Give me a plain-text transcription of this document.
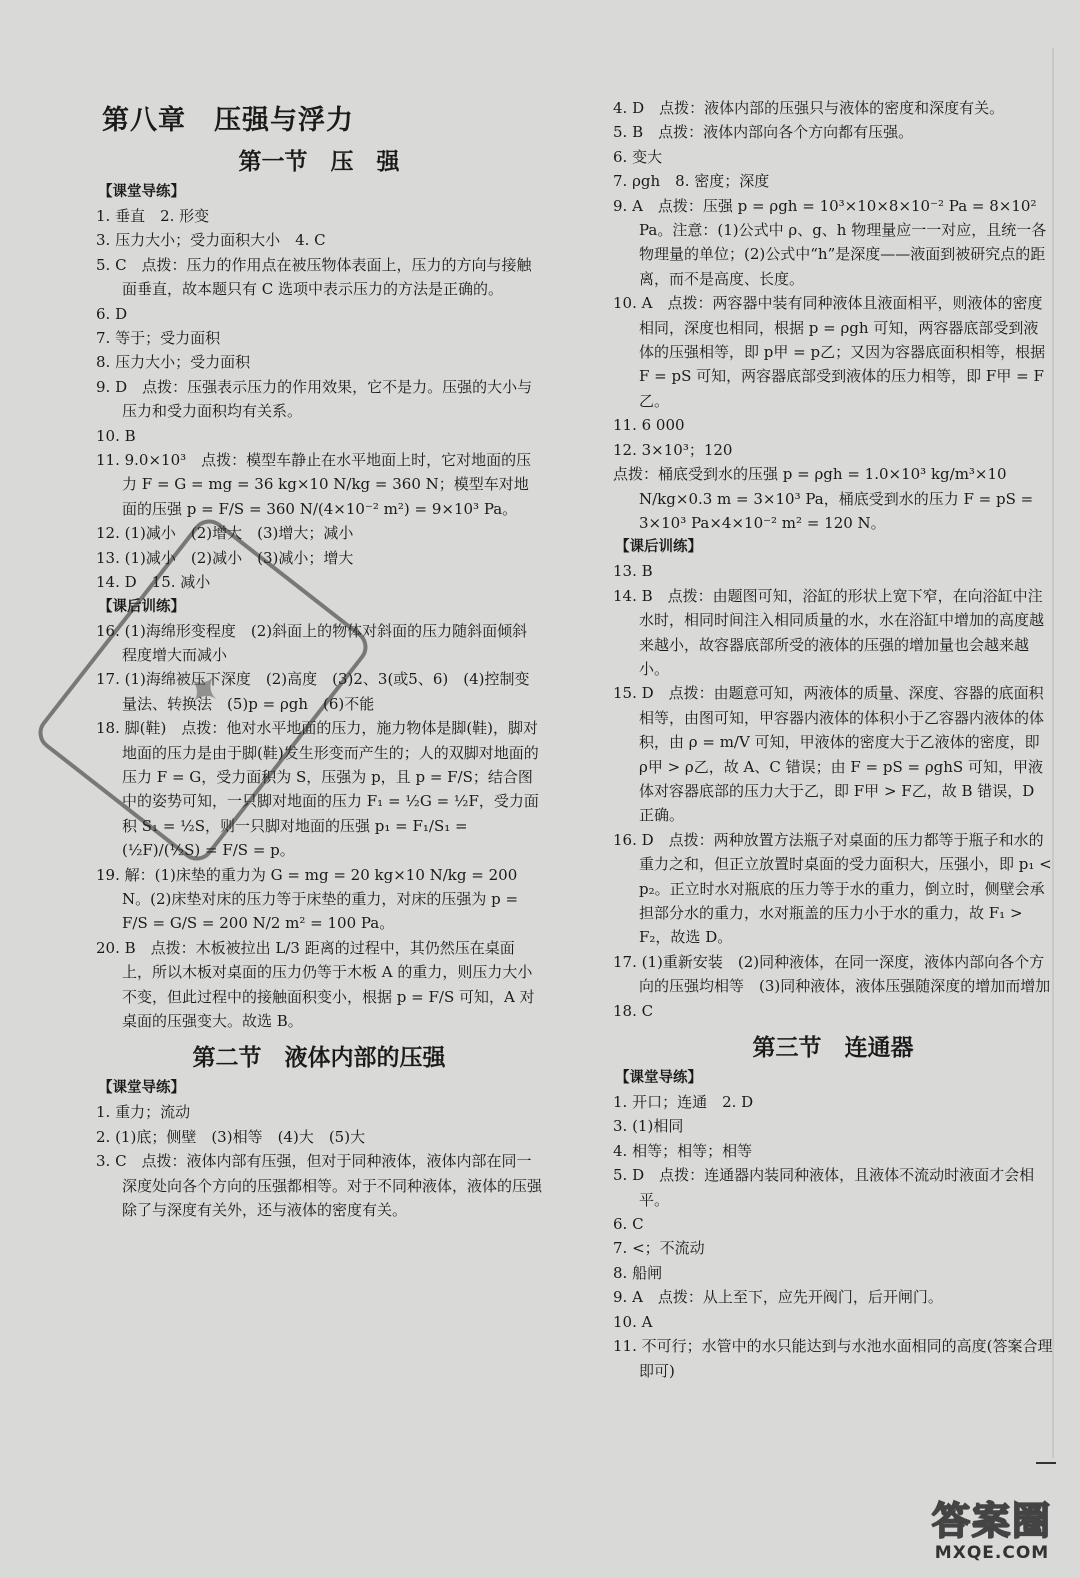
第八章　压强与浮力
第一节　压　强
【课堂导练】
1. 垂直　2. 形变
3. 压力大小；受力面积大小　4. C
5. C　点拨：压力的作用点在被压物体表面上，压力的方向与接触面垂直，故本题只有 C 选项中表示压力的方法是正确的。
6. D
7. 等于；受力面积
8. 压力大小；受力面积
9. D　点拨：压强表示压力的作用效果，它不是力。压强的大小与压力和受力面积均有关系。
10. B
11. 9.0×10³　点拨：模型车静止在水平地面上时，它对地面的压力 F = G = mg = 36 kg×10 N/kg = 360 N；模型车对地面的压强 p = F/S = 360 N/(4×10⁻² m²) = 9×10³ Pa。
12. (1)减小　(2)增大　(3)增大；减小
13. (1)减小　(2)减小　(3)减小；增大
14. D　15. 减小
【课后训练】
16. (1)海绵形变程度　(2)斜面上的物体对斜面的压力随斜面倾斜程度增大而减小
17. (1)海绵被压下深度　(2)高度　(3)2、3(或5、6)　(4)控制变量法、转换法　(5)p = ρgh　(6)不能
18. 脚(鞋)　点拨：他对水平地面的压力，施力物体是脚(鞋)，脚对地面的压力是由于脚(鞋)发生形变而产生的；人的双脚对地面的压力 F = G，受力面积为 S，压强为 p，且 p = F/S；结合图中的姿势可知，一只脚对地面的压力 F₁ = ½G = ½F，受力面积 S₁ = ½S，则一只脚对地面的压强 p₁ = F₁/S₁ = (½F)/(½S) = F/S = p。
19. 解：(1)床垫的重力为 G = mg = 20 kg×10 N/kg = 200 N。(2)床垫对床的压力等于床垫的重力，对床的压强为 p = F/S = G/S = 200 N/2 m² = 100 Pa。
20. B　点拨：木板被拉出 L/3 距离的过程中，其仍然压在桌面上，所以木板对桌面的压力仍等于木板 A 的重力，则压力大小不变，但此过程中的接触面积变小，根据 p = F/S 可知，A 对桌面的压强变大。故选 B。
第二节　液体内部的压强
【课堂导练】
1. 重力；流动
2. (1)底；侧壁　(3)相等　(4)大　(5)大
3. C　点拨：液体内部有压强，但对于同种液体，液体内部在同一深度处向各个方向的压强都相等。对于不同种液体，液体的压强除了与深度有关外，还与液体的密度有关。
4. D　点拨：液体内部的压强只与液体的密度和深度有关。
5. B　点拨：液体内部向各个方向都有压强。
6. 变大
7. ρgh　8. 密度；深度
9. A　点拨：压强 p = ρgh = 10³×10×8×10⁻² Pa = 8×10² Pa。注意：(1)公式中 ρ、g、h 物理量应一一对应，且统一各物理量的单位；(2)公式中“h”是深度——液面到被研究点的距离，而不是高度、长度。
10. A　点拨：两容器中装有同种液体且液面相平，则液体的密度相同，深度也相同，根据 p = ρgh 可知，两容器底部受到液体的压强相等，即 p甲 = p乙；又因为容器底面积相等，根据 F = pS 可知，两容器底部受到液体的压力相等，即 F甲 = F乙。
11. 6 000
12. 3×10³；120
点拨：桶底受到水的压强 p = ρgh = 1.0×10³ kg/m³×10 N/kg×0.3 m = 3×10³ Pa，桶底受到水的压力 F = pS = 3×10³ Pa×4×10⁻² m² = 120 N。
【课后训练】
13. B
14. B　点拨：由题图可知，浴缸的形状上宽下窄，在向浴缸中注水时，相同时间注入相同质量的水，水在浴缸中增加的高度越来越小，故容器底部所受的液体的压强的增加量也会越来越小。
15. D　点拨：由题意可知，两液体的质量、深度、容器的底面积相等，由图可知，甲容器内液体的体积小于乙容器内液体的体积，由 ρ = m/V 可知，甲液体的密度大于乙液体的密度，即 ρ甲 > ρ乙，故 A、C 错误；由 F = pS = ρghS 可知，甲液体对容器底部的压力大于乙，即 F甲 > F乙，故 B 错误，D 正确。
16. D　点拨：两种放置方法瓶子对桌面的压力都等于瓶子和水的重力之和，但正立放置时桌面的受力面积大，压强小，即 p₁ < p₂。正立时水对瓶底的压力等于水的重力，倒立时，侧壁会承担部分水的重力，水对瓶盖的压力小于水的重力，故 F₁ > F₂，故选 D。
17. (1)重新安装　(2)同种液体，在同一深度，液体内部向各个方向的压强均相等　(3)同种液体，液体压强随深度的增加而增加
18. C
第三节　连通器
【课堂导练】
1. 开口；连通　2. D
3. (1)相同
4. 相等；相等；相等
5. D　点拨：连通器内装同种液体，且液体不流动时液面才会相平。
6. C
7. <；不流动
8. 船闸
9. A　点拨：从上至下，应先开阀门，后开闸门。
10. A
11. 不可行；水管中的水只能达到与水池水面相同的高度(答案合理即可)
✦
答案圈
MXQE.COM
